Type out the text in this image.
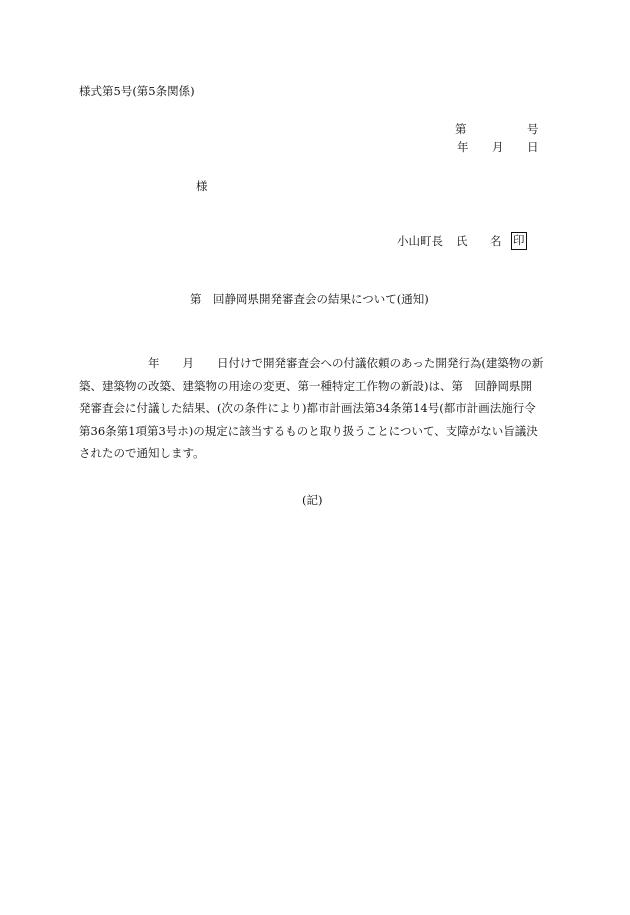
様式第5号(第5条関係)
第	号
年 月 日
様
小山町長 氏 名 印
第　回静岡県開発審査会の結果について(通知)
　　　　　　年　　月　　日付けで開発審査会への付議依頼のあった開発行為(建築物の新
築、建築物の改築、建築物の用途の変更、第一種特定工作物の新設)は、第　回静岡県開
発審査会に付議した結果、(次の条件により)都市計画法第34条第14号(都市計画法施行令
第36条第1項第3号ホ)の規定に該当するものと取り扱うことについて、支障がない旨議決
されたので通知します。
(記)
